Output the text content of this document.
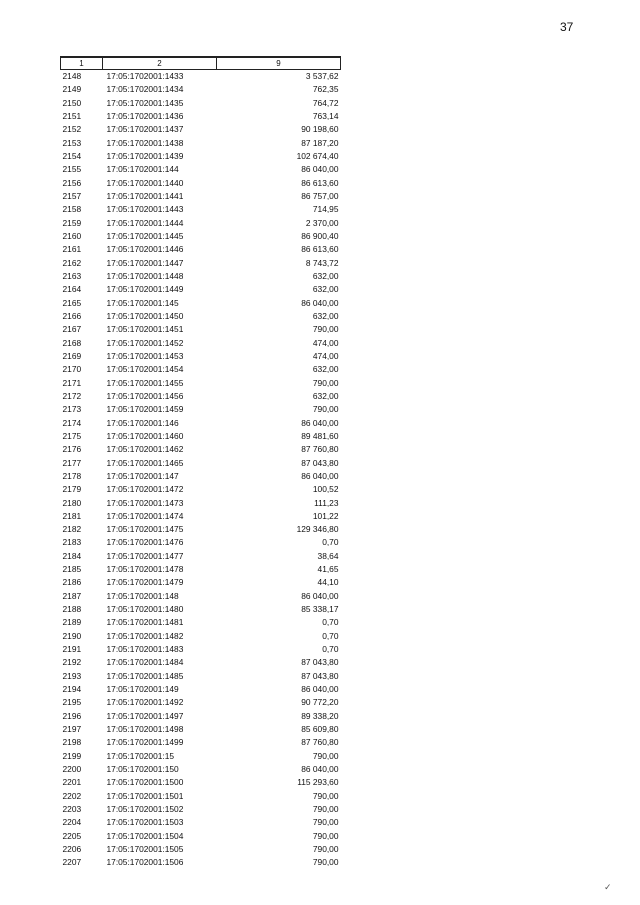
37
1	2	9
2148	17:05:1702001:1433	3 537,62
2149	17:05:1702001:1434	762,35
2150	17:05:1702001:1435	764,72
2151	17:05:1702001:1436	763,14
2152	17:05:1702001:1437	90 198,60
2153	17:05:1702001:1438	87 187,20
2154	17:05:1702001:1439	102 674,40
2155	17:05:1702001:144	86 040,00
2156	17:05:1702001:1440	86 613,60
2157	17:05:1702001:1441	86 757,00
2158	17:05:1702001:1443	714,95
2159	17:05:1702001:1444	2 370,00
2160	17:05:1702001:1445	86 900,40
2161	17:05:1702001:1446	86 613,60
2162	17:05:1702001:1447	8 743,72
2163	17:05:1702001:1448	632,00
2164	17:05:1702001:1449	632,00
2165	17:05:1702001:145	86 040,00
2166	17:05:1702001:1450	632,00
2167	17:05:1702001:1451	790,00
2168	17:05:1702001:1452	474,00
2169	17:05:1702001:1453	474,00
2170	17:05:1702001:1454	632,00
2171	17:05:1702001:1455	790,00
2172	17:05:1702001:1456	632,00
2173	17:05:1702001:1459	790,00
2174	17:05:1702001:146	86 040,00
2175	17:05:1702001:1460	89 481,60
2176	17:05:1702001:1462	87 760,80
2177	17:05:1702001:1465	87 043,80
2178	17:05:1702001:147	86 040,00
2179	17:05:1702001:1472	100,52
2180	17:05:1702001:1473	111,23
2181	17:05:1702001:1474	101,22
2182	17:05:1702001:1475	129 346,80
2183	17:05:1702001:1476	0,70
2184	17:05:1702001:1477	38,64
2185	17:05:1702001:1478	41,65
2186	17:05:1702001:1479	44,10
2187	17:05:1702001:148	86 040,00
2188	17:05:1702001:1480	85 338,17
2189	17:05:1702001:1481	0,70
2190	17:05:1702001:1482	0,70
2191	17:05:1702001:1483	0,70
2192	17:05:1702001:1484	87 043,80
2193	17:05:1702001:1485	87 043,80
2194	17:05:1702001:149	86 040,00
2195	17:05:1702001:1492	90 772,20
2196	17:05:1702001:1497	89 338,20
2197	17:05:1702001:1498	85 609,80
2198	17:05:1702001:1499	87 760,80
2199	17:05:1702001:15	790,00
2200	17:05:1702001:150	86 040,00
2201	17:05:1702001:1500	115 293,60
2202	17:05:1702001:1501	790,00
2203	17:05:1702001:1502	790,00
2204	17:05:1702001:1503	790,00
2205	17:05:1702001:1504	790,00
2206	17:05:1702001:1505	790,00
2207	17:05:1702001:1506	790,00
✓
